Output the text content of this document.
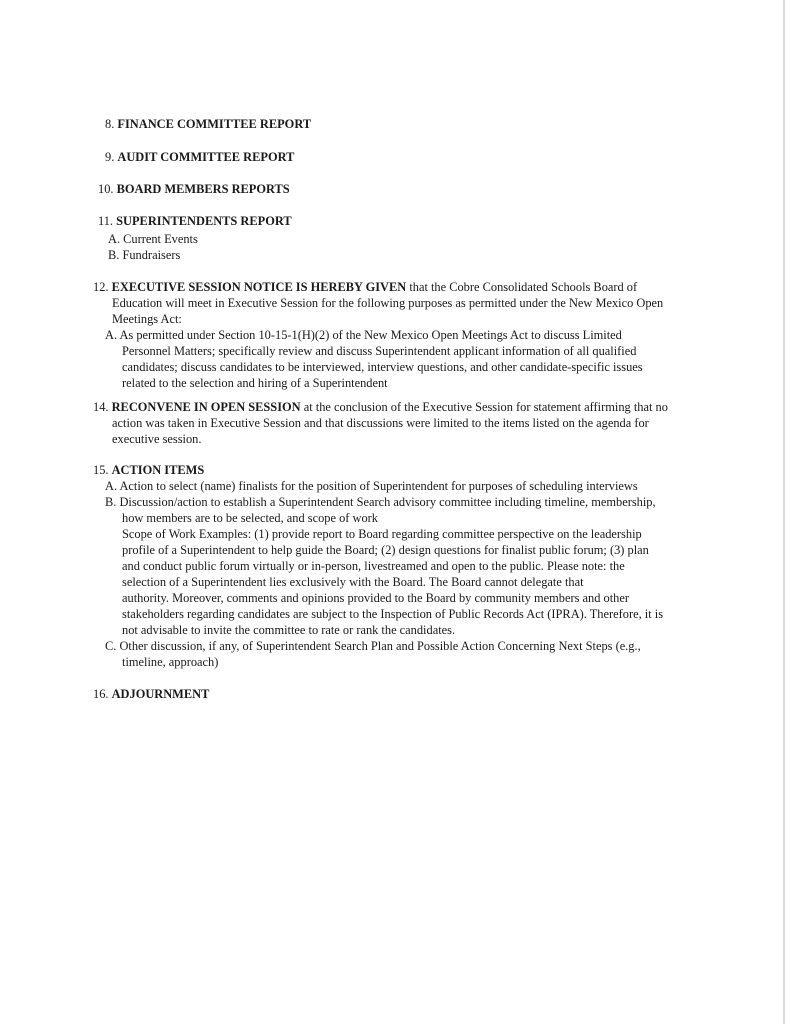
8. FINANCE COMMITTEE REPORT
9. AUDIT COMMITTEE REPORT
10. BOARD MEMBERS REPORTS
11. SUPERINTENDENTS REPORT
A. Current Events
B. Fundraisers
12. EXECUTIVE SESSION NOTICE IS HEREBY GIVEN that the Cobre Consolidated Schools Board of
Education will meet in Executive Session for the following purposes as permitted under the New Mexico Open
Meetings Act:
A. As permitted under Section 10-15-1(H)(2) of the New Mexico Open Meetings Act to discuss Limited
Personnel Matters; specifically review and discuss Superintendent applicant information of all qualified
candidates; discuss candidates to be interviewed, interview questions, and other candidate-specific issues
related to the selection and hiring of a Superintendent
14. RECONVENE IN OPEN SESSION at the conclusion of the Executive Session for statement affirming that no
action was taken in Executive Session and that discussions were limited to the items listed on the agenda for
executive session.
15. ACTION ITEMS
A. Action to select (name) finalists for the position of Superintendent for purposes of scheduling interviews
B. Discussion/action to establish a Superintendent Search advisory committee including timeline, membership,
how members are to be selected, and scope of work
Scope of Work Examples: (1) provide report to Board regarding committee perspective on the leadership
profile of a Superintendent to help guide the Board; (2) design questions for finalist public forum; (3) plan
and conduct public forum virtually or in-person, livestreamed and open to the public. Please note: the
selection of a Superintendent lies exclusively with the Board. The Board cannot delegate that
authority. Moreover, comments and opinions provided to the Board by community members and other
stakeholders regarding candidates are subject to the Inspection of Public Records Act (IPRA). Therefore, it is
not advisable to invite the committee to rate or rank the candidates.
C. Other discussion, if any, of Superintendent Search Plan and Possible Action Concerning Next Steps (e.g.,
timeline, approach)
16. ADJOURNMENT
